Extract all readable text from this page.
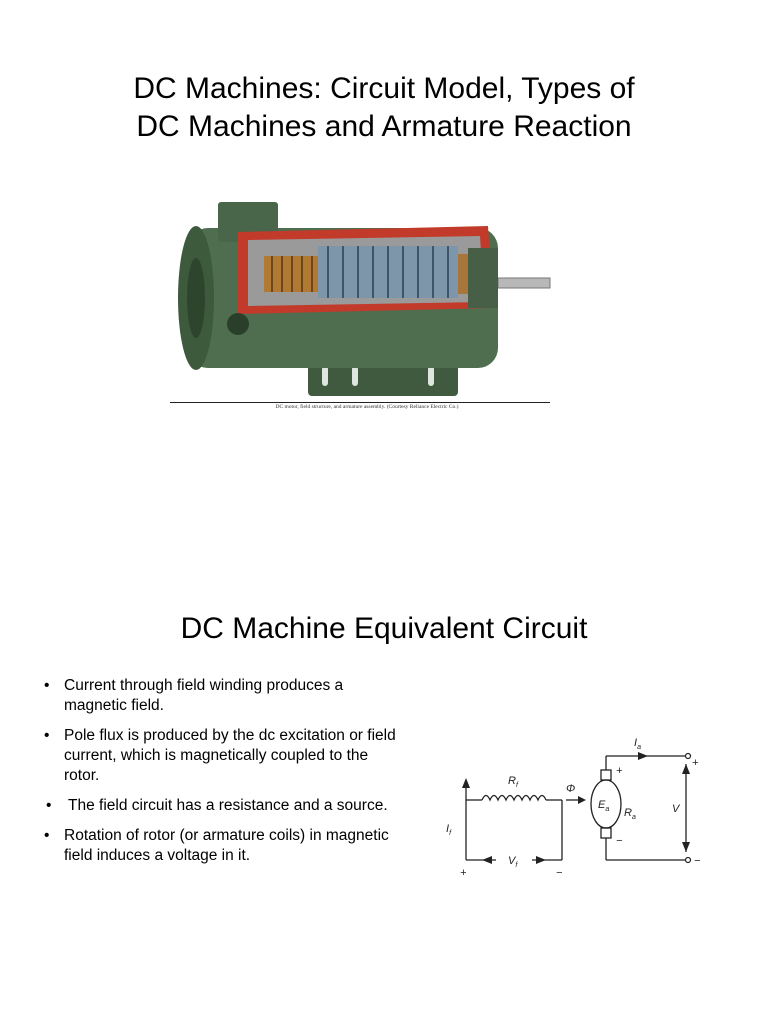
DC Machines: Circuit Model, Types of
DC Machines and Armature Reaction
DC motor, field structure, and armature assembly. (Courtesy Reliance Electric Co.)
DC Machine Equivalent Circuit
• Current through field winding produces a magnetic field.
• Pole flux is produced by the dc excitation or field current, which is magnetically coupled to the rotor.
• The field circuit has a resistance and a source.
• Rotation of rotor (or armature coils) in magnetic field induces a voltage in it.
$R_f$
$I_f$
$V_f$
+	−
Φ
$I_a$
$E_a$ $R_a$
+
−
+
V
−
